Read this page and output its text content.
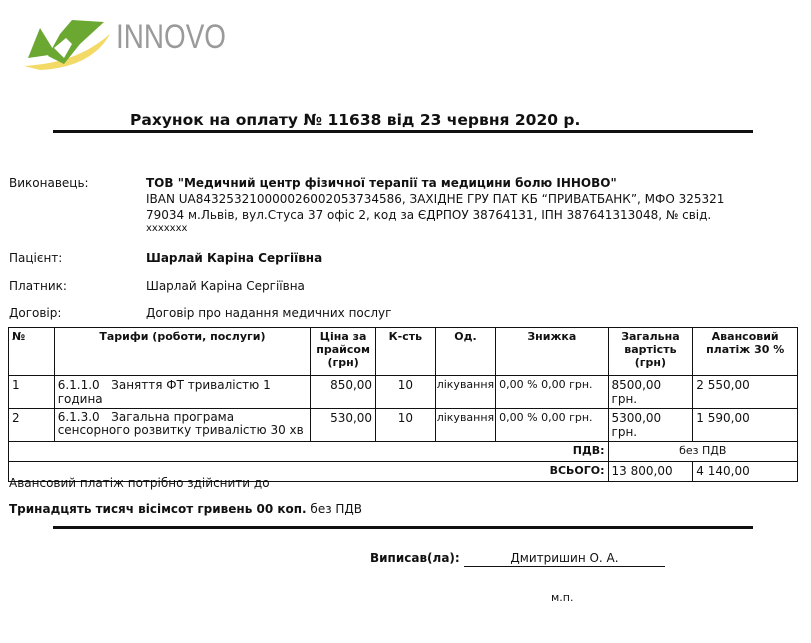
INNOVO
Рахунок на оплату № 11638 від 23 червня 2020 р.
Виконавець:	ТОВ "Медичний центр фізичної терапії та медицини болю ІННОВО"
IBAN UA843253210000026002053734586, ЗАХІДНЕ ГРУ ПАТ КБ “ПРИВАТБАНК”, МФО 325321
79034 м.Львів, вул.Стуса 37 офіс 2, код за ЄДРПОУ 38764131, ІПН 387641313048, № свід.
xxxxxxx
Пацієнт:	Шарлай Каріна Сергіївна
Платник:	Шарлай Каріна Сергіївна
Договір:	Договір про надання медичних послуг
№	Тарифи (роботи, послуги)	Ціна за прайсом (грн)	К-сть	Од.	Знижка	Загальна вартість (грн)	Авансовий платіж 30 %
1	6.1.1.0 Заняття ФТ тривалістю 1 година	850,00	10	лікування	0,00 % 0,00 грн.	8500,00 грн.	2 550,00
2	6.1.3.0 Загальна програма сенсорного розвитку тривалістю 30 хв	530,00	10	лікування	0,00 % 0,00 грн.	5300,00 грн.	1 590,00
ПДВ:						без ПДВ	
ВСЬОГО:						13 800,00	4 140,00
Авансовий платіж потрібно здійснити до
Тринадцять тисяч вісімсот гривень 00 коп. без ПДВ
Виписав(ла):	Дмитришин О. А.
м.п.
